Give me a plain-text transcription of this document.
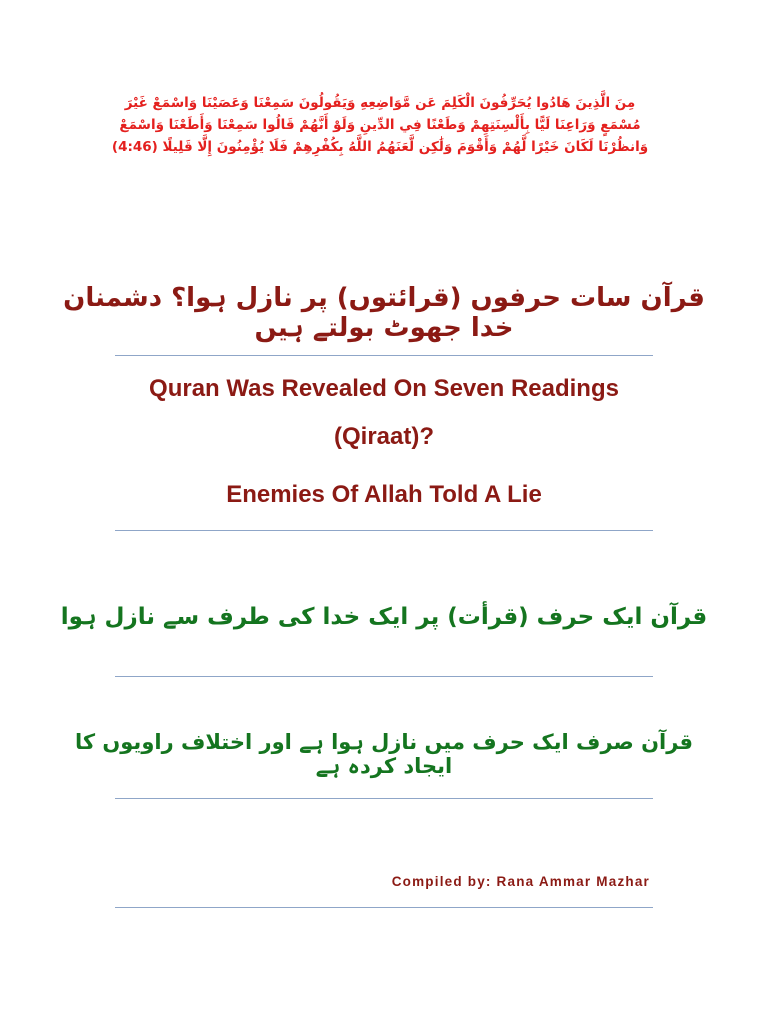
مِنَ الَّذِينَ هَادُوا يُحَرِّفُونَ الْكَلِمَ عَن مَّوَاضِعِهِ وَيَقُولُونَ سَمِعْنَا وَعَصَيْنَا وَاسْمَعْ غَيْرَ مُسْمَعٍ وَرَاعِنَا لَيًّا بِأَلْسِنَتِهِمْ وَطَعْنًا فِي الدِّينِ وَلَوْ أَنَّهُمْ قَالُوا سَمِعْنَا وَأَطَعْنَا وَاسْمَعْ وَانظُرْنَا لَكَانَ خَيْرًا لَّهُمْ وَأَقْوَمَ وَلَٰكِن لَّعَنَهُمُ اللَّهُ بِكُفْرِهِمْ فَلَا يُؤْمِنُونَ إِلَّا قَلِيلًا (4:46)
قرآن سات حرفوں (قرائتوں) پر نازل ہوا؟ دشمنان خدا جھوٹ بولتے ہیں
Quran Was Revealed On Seven Readings
(Qiraat)?
Enemies Of Allah Told A Lie
قرآن ایک حرف (قرأت) پر ایک خدا کی طرف سے نازل ہوا
قرآن صرف ایک حرف میں نازل ہوا ہے اور اختلاف راویوں کا ایجاد کردہ ہے
Compiled by: Rana Ammar Mazhar
